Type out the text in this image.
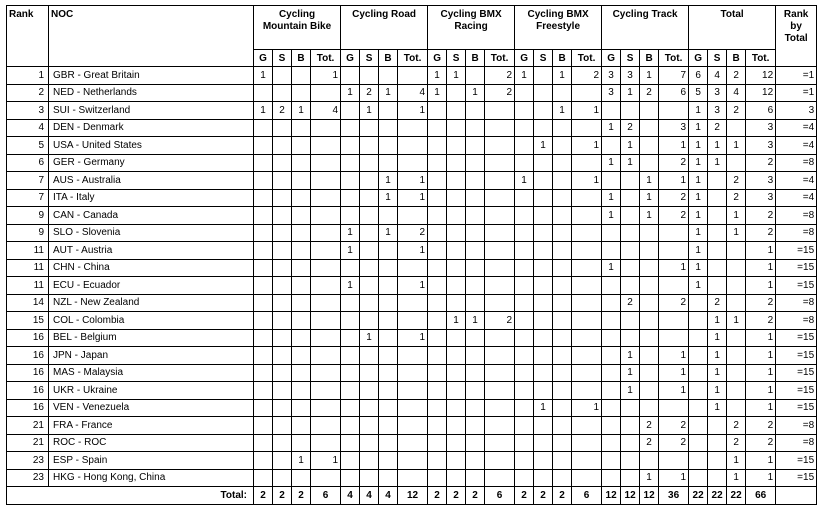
Rank	NOC	Cycling Mountain Bike				Cycling Road				Cycling BMX Racing				Cycling BMX Freestyle				Cycling Track				Total				Rank by Total
		G	S	B	Tot.	G	S	B	Tot.	G	S	B	Tot.	G	S	B	Tot.	G	S	B	Tot.	G	S	B	Tot.	
1	GBR - Great Britain	1			1					1	1		2	1		1	2	3	3	1	7	6	4	2	12	=1
2	NED - Netherlands					1	2	1	4	1		1	2					3	1	2	6	5	3	4	12	=1
3	SUI - Switzerland	1	2	1	4		1		1							1	1					1	3	2	6	3
4	DEN - Denmark																	1	2		3	1	2		3	=4
5	USA - United States														1		1		1		1	1	1	1	3	=4
6	GER - Germany																	1	1		2	1	1		2	=8
7	AUS - Australia							1	1					1			1			1	1	1		2	3	=4
7	ITA - Italy							1	1									1		1	2	1		2	3	=4
9	CAN - Canada																	1		1	2	1		1	2	=8
9	SLO - Slovenia					1		1	2													1		1	2	=8
11	AUT - Austria					1			1													1			1	=15
11	CHN - China																	1			1	1			1	=15
11	ECU - Ecuador					1			1													1			1	=15
14	NZL - New Zealand																		2		2		2		2	=8
15	COL - Colombia										1	1	2										1	1	2	=8
16	BEL - Belgium						1		1														1		1	=15
16	JPN - Japan																		1		1		1		1	=15
16	MAS - Malaysia																		1		1		1		1	=15
16	UKR - Ukraine																		1		1		1		1	=15
16	VEN - Venezuela														1		1						1		1	=15
21	FRA - France																			2	2			2	2	=8
21	ROC - ROC																			2	2			2	2	=8
23	ESP - Spain			1	1																			1	1	=15
23	HKG - Hong Kong, China																			1	1			1	1	=15
Total:		2	2	2	6	4	4	4	12	2	2	2	6	2	2	2	6	12	12	12	36	22	22	22	66	
